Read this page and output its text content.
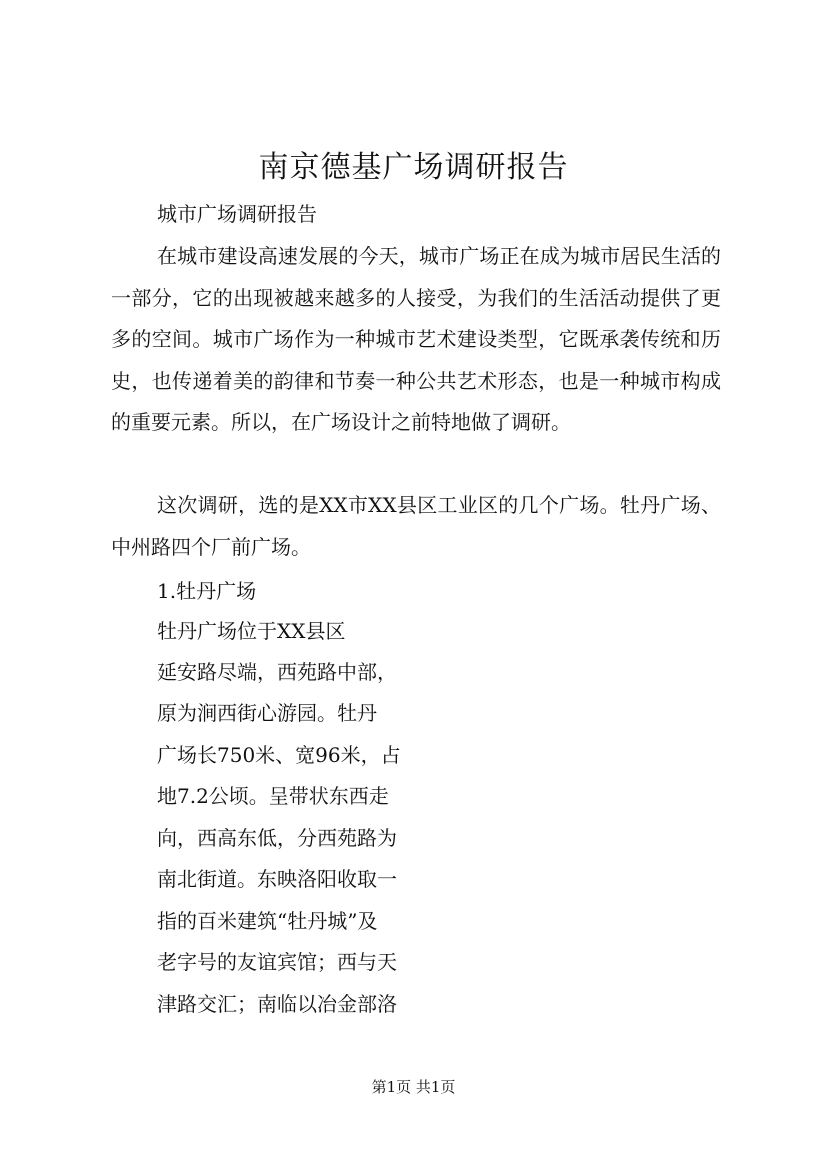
南京德基广场调研报告

城市广场调研报告

在城市建设高速发展的今天，城市广场正在成为城市居民生活的一部分，它的出现被越来越多的人接受，为我们的生活活动提供了更多的空间。城市广场作为一种城市艺术建设类型，它既承袭传统和历史，也传递着美的韵律和节奏一种公共艺术形态，也是一种城市构成的重要元素。所以，在广场设计之前特地做了调研。

这次调研，选的是XX市XX县区工业区的几个广场。牡丹广场、中州路四个厂前广场。

1.牡丹广场

牡丹广场位于XX县区

延安路尽端，西苑路中部，

原为涧西街心游园。牡丹

广场长750米、宽96米，占

地7.2公顷。呈带状东西走

向，西高东低，分西苑路为

南北街道。东映洛阳收取一

指的百米建筑“牡丹城”及

老字号的友谊宾馆；西与天

津路交汇；南临以冶金部洛

第1页 共1页
